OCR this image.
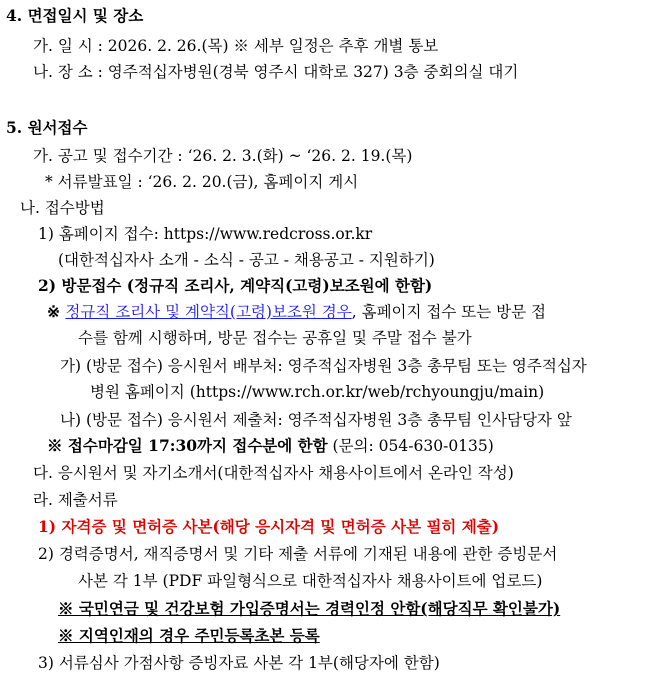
4. 면접일시 및 장소
가. 일 시 : 2026. 2. 26.(목) ※ 세부 일정은 추후 개별 통보
나. 장 소 : 영주적십자병원(경북 영주시 대학로 327) 3층 중회의실 대기
5. 원서접수
가. 공고 및 접수기간 : ‘26. 2. 3.(화) ~ ‘26. 2. 19.(목)
* 서류발표일 : ‘26. 2. 20.(금), 홈페이지 게시
나. 접수방법
1) 홈페이지 접수: https://www.redcross.or.kr
(대한적십자사 소개 - 소식 - 공고 - 채용공고 - 지원하기)
2) 방문접수 (정규직 조리사, 계약직(고령)보조원에 한함)
※ 정규직 조리사 및 계약직(고령)보조원 경우, 홈페이지 접수 또는 방문 접
수를 함께 시행하며, 방문 접수는 공휴일 및 주말 접수 불가
가) (방문 접수) 응시원서 배부처: 영주적십자병원 3층 총무팀 또는 영주적십자
병원 홈페이지 (https://www.rch.or.kr/web/rchyoungju/main)
나) (방문 접수) 응시원서 제출처: 영주적십자병원 3층 총무팀 인사담당자 앞
※ 접수마감일 17:30까지 접수분에 한함 (문의: 054-630-0135)
다. 응시원서 및 자기소개서(대한적십자사 채용사이트에서 온라인 작성)
라. 제출서류
1) 자격증 및 면허증 사본(해당 응시자격 및 면허증 사본 필히 제출)
2) 경력증명서, 재직증명서 및 기타 제출 서류에 기재된 내용에 관한 증빙문서
사본 각 1부 (PDF 파일형식으로 대한적십자사 채용사이트에 업로드)
※ 국민연금 및 건강보험 가입증명서는 경력인정 안함(해당직무 확인불가)
※ 지역인재의 경우 주민등록초본 등록
3) 서류심사 가점사항 증빙자료 사본 각 1부(해당자에 한함)
